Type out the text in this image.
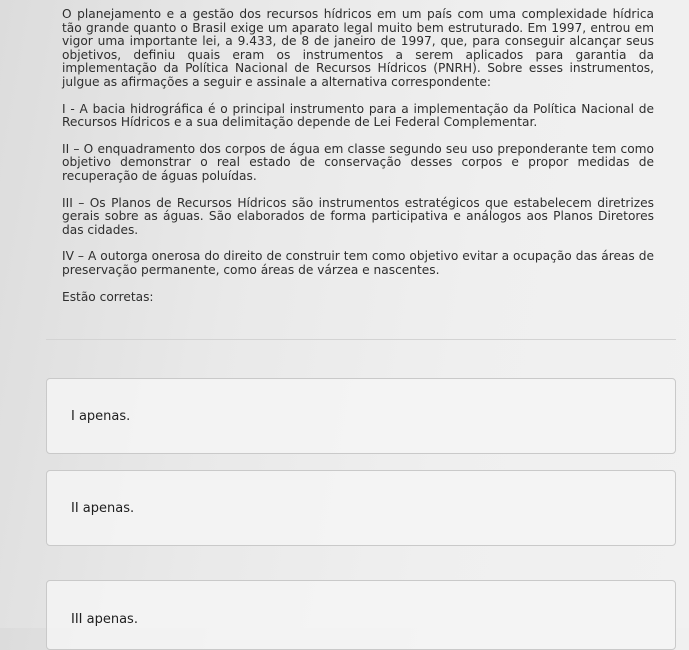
O planejamento e a gestão dos recursos hídricos em um país com uma complexidade hídrica tão grande quanto o Brasil exige um aparato legal muito bem estruturado. Em 1997, entrou em vigor uma importante lei, a 9.433, de 8 de janeiro de 1997, que, para conseguir alcançar seus objetivos, definiu quais eram os instrumentos a serem aplicados para garantia da implementação da Política Nacional de Recursos Hídricos (PNRH). Sobre esses instrumentos, julgue as afirmações a seguir e assinale a alternativa correspondente:

I - A bacia hidrográfica é o principal instrumento para a implementação da Política Nacional de Recursos Hídricos e a sua delimitação depende de Lei Federal Complementar.

II – O enquadramento dos corpos de água em classe segundo seu uso preponderante tem como objetivo demonstrar o real estado de conservação desses corpos e propor medidas de recuperação de águas poluídas.

III – Os Planos de Recursos Hídricos são instrumentos estratégicos que estabelecem diretrizes gerais sobre as águas. São elaborados de forma participativa e análogos aos Planos Diretores das cidades.

IV – A outorga onerosa do direito de construir tem como objetivo evitar a ocupação das áreas de preservação permanente, como áreas de várzea e nascentes.

Estão corretas:

I apenas.
II apenas.
III apenas.
